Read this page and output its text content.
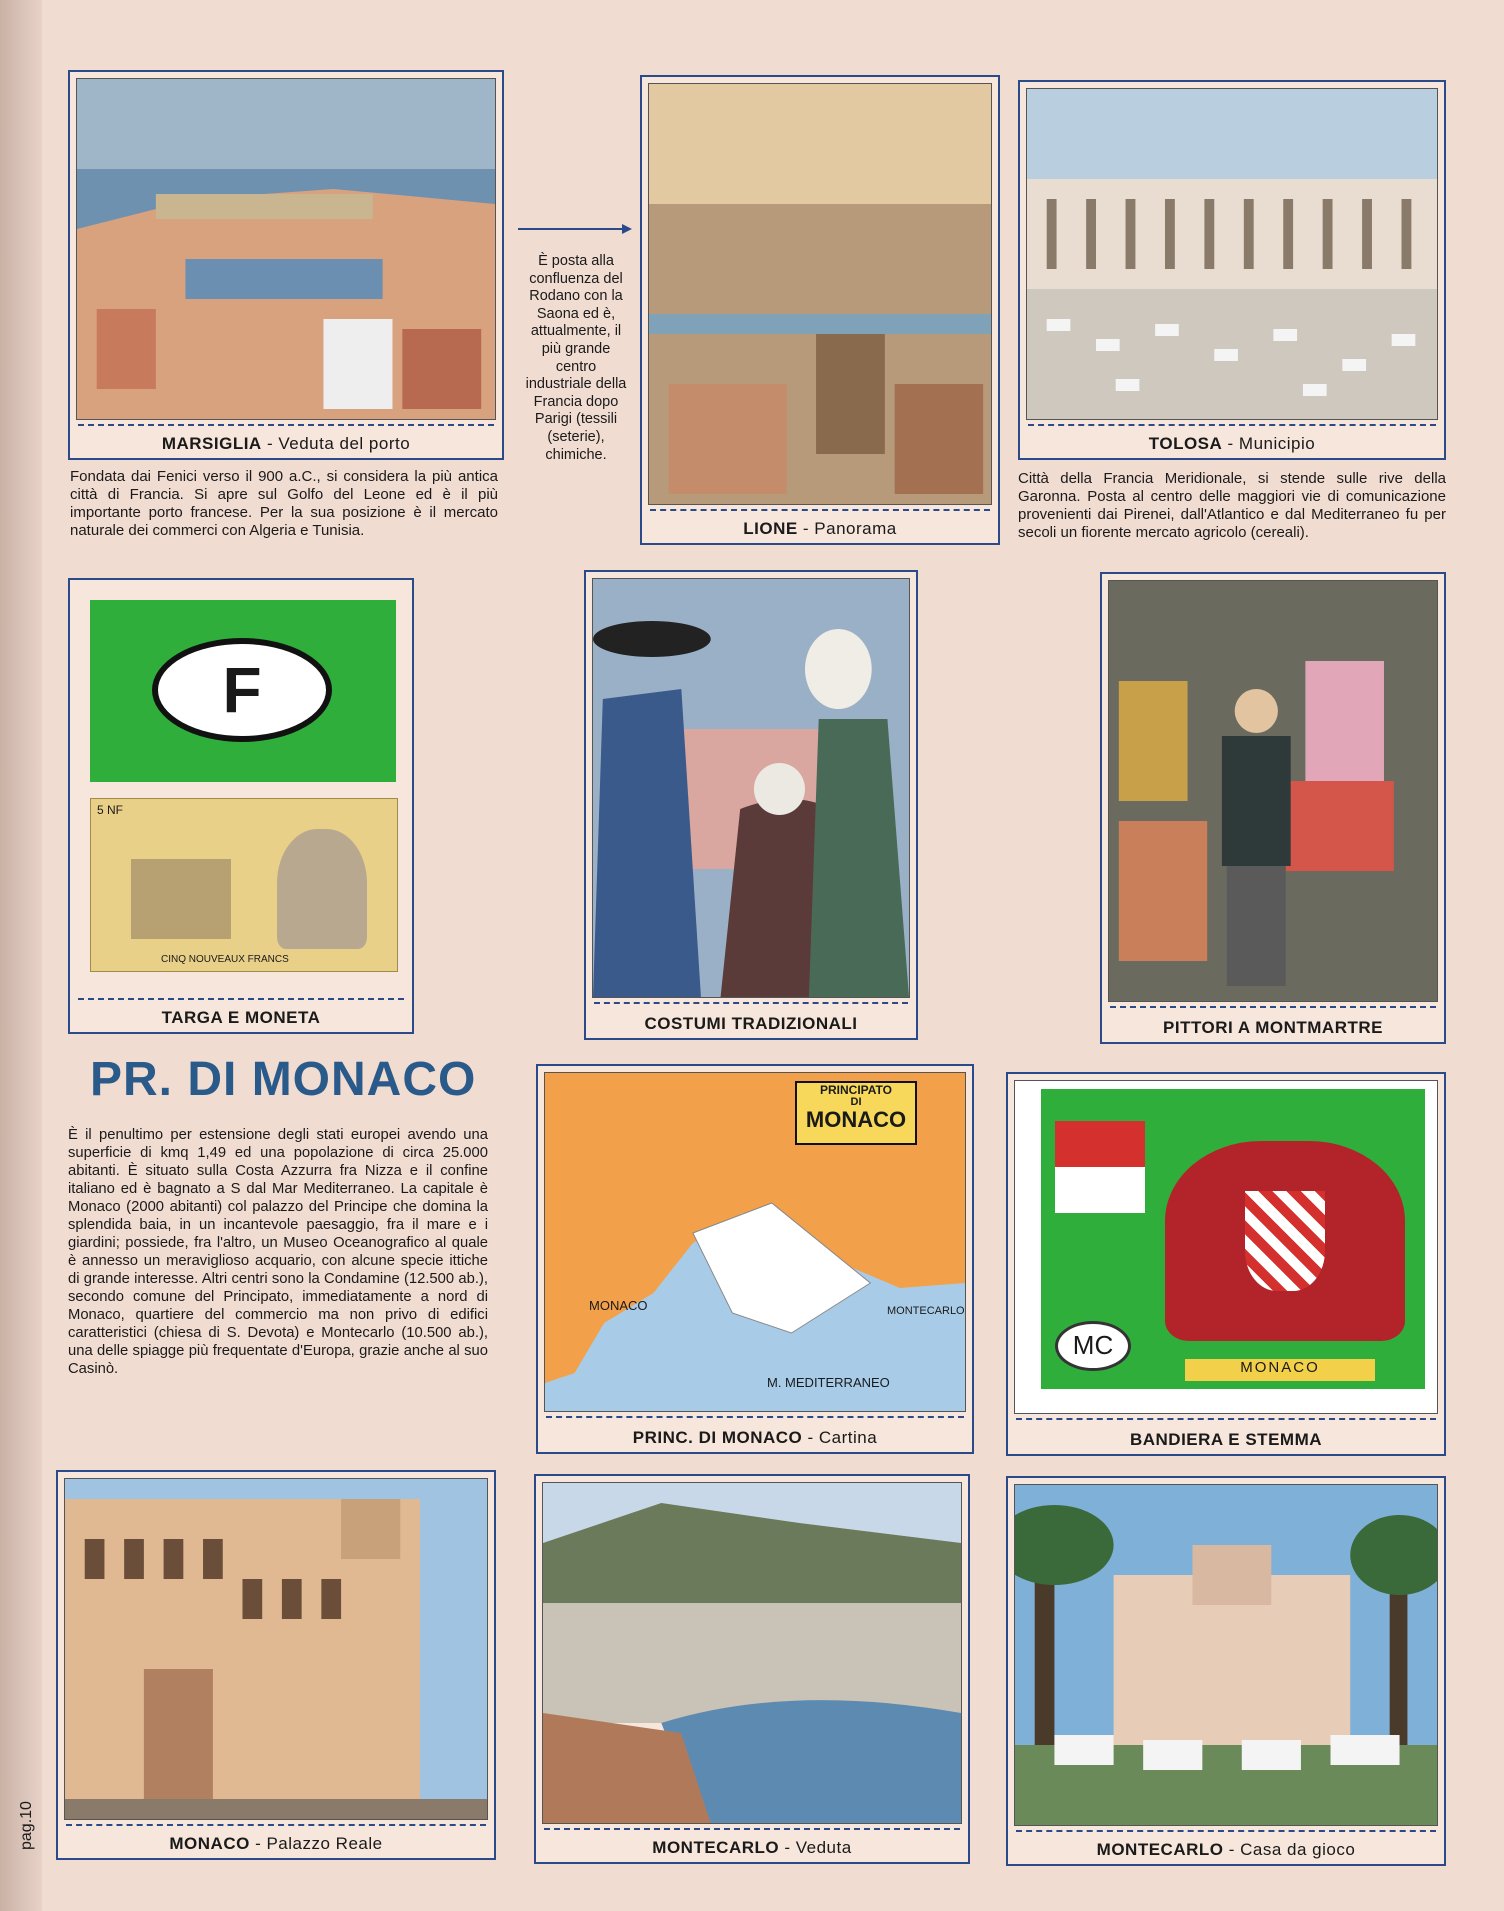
MARSIGLIA - Veduta del porto
Fondata dai Fenici verso il 900 a.C., si considera la più antica città di Francia. Si apre sul Golfo del Leone ed è il più importante porto francese. Per la sua posizione è il mercato naturale dei commerci con Algeria e Tunisia.
È posta alla confluenza del Rodano con la Saona ed è, attualmente, il più grande centro industriale della Francia dopo Parigi (tessili (seterie), chimiche.
LIONE - Panorama
TOLOSA - Municipio
Città della Francia Meridionale, si stende sulle rive della Garonna. Posta al centro delle maggiori vie di comunicazione provenienti dai Pirenei, dall'Atlantico e dal Mediterraneo fu per secoli un fiorente mercato agricolo (cereali).
F
5 NF
CINQ NOUVEAUX FRANCS
TARGA E MONETA	COSTUMI TRADIZIONALI	PITTORI A MONTMARTRE
PR. DI MONACO
È il penultimo per estensione degli stati europei avendo una superficie di kmq 1,49 ed una popolazione di circa 25.000 abitanti. È situato sulla Costa Azzurra fra Nizza e il confine italiano ed è bagnato a S dal Mar Mediterraneo. La capitale è Monaco (2000 abitanti) col palazzo del Principe che domina la splendida baia, in un incantevole paesaggio, fra il mare e i giardini; possiede, fra l'altro, un Museo Oceanografico al quale è annesso un meraviglioso acquario, con alcune specie ittiche di grande interesse. Altri centri sono la Condamine (12.500 ab.), secondo comune del Principato, immediatamente a nord di Monaco, quartiere del commercio ma non privo di edifici caratteristici (chiesa di S. Devota) e Montecarlo (10.500 ab.), una delle spiagge più frequentate d'Europa, grazie anche al suo Casinò.
PRINCIPATO
DI
MONACO
MONACO	MONTECARLO
M. MEDITERRANEO
PRINC. DI MONACO - Cartina
MC
MONACO
BANDIERA E STEMMA
MONACO - Palazzo Reale	MONTECARLO - Veduta	MONTECARLO - Casa da gioco
pag.10
